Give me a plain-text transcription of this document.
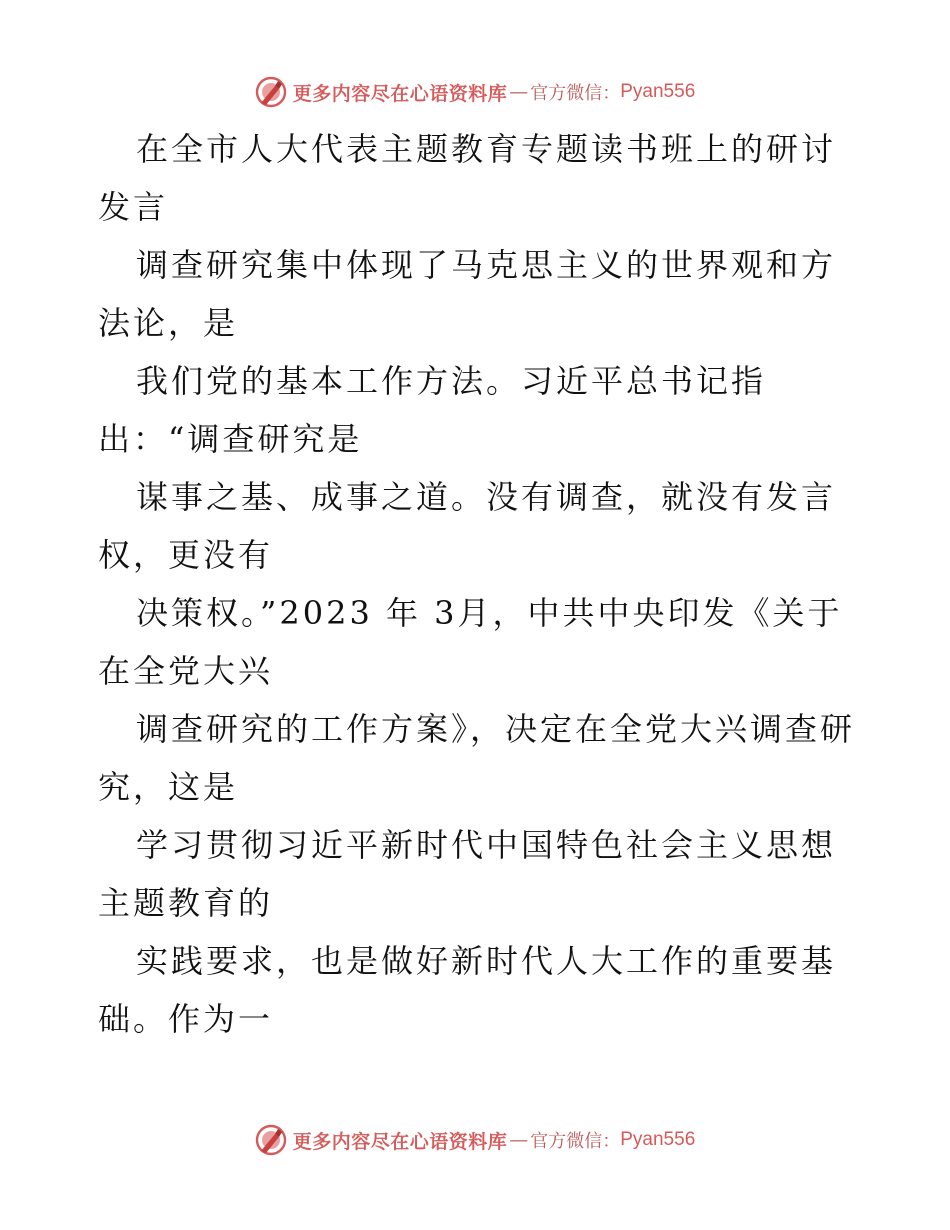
更多内容尽在心语资料库 — 官方微信： Pyan556

在全市人大代表主题教育专题读书班上的研讨发言

调查研究集中体现了马克思主义的世界观和方法论，是

我们党的基本工作方法。习近平总书记指出：“调查研究是

谋事之基、成事之道。没有调查，就没有发言权，更没有

决策权。”2023 年 3月，中共中央印发《关于在全党大兴

调查研究的工作方案》，决定在全党大兴调查研究，这是

学习贯彻习近平新时代中国特色社会主义思想主题教育的

实践要求，也是做好新时代人大工作的重要基础。作为一

更多内容尽在心语资料库 — 官方微信： Pyan556
